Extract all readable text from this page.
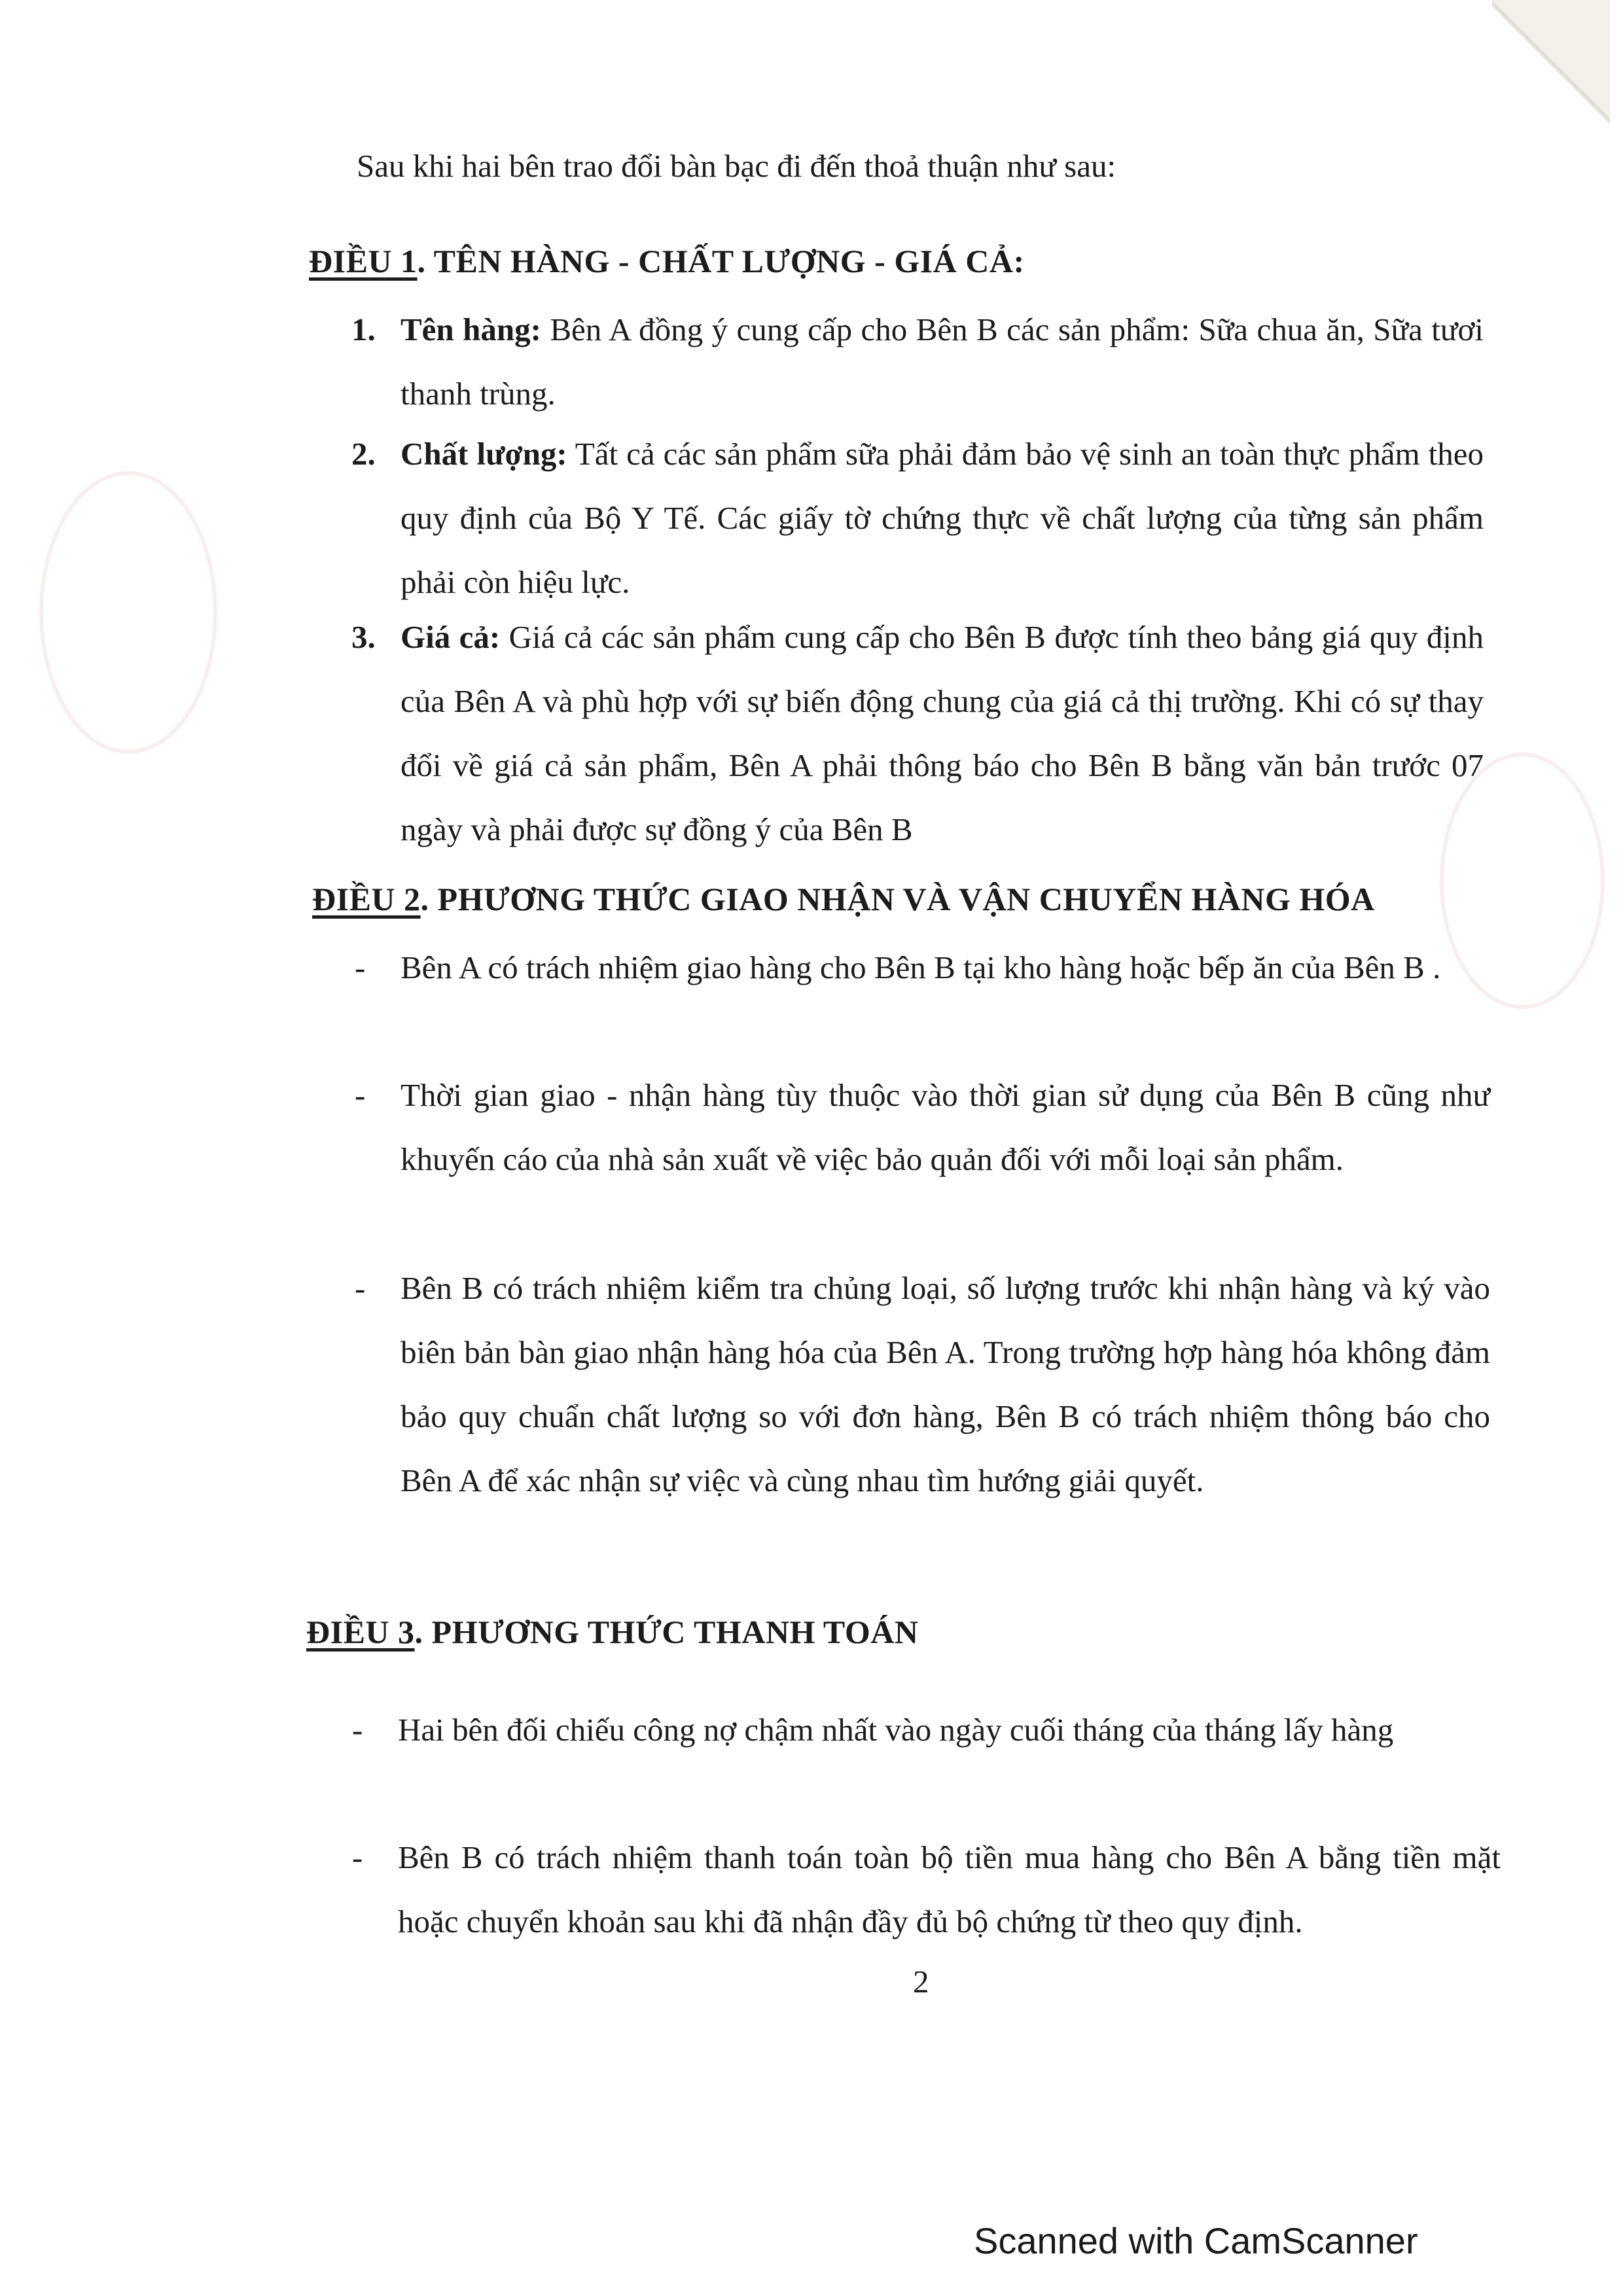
Sau khi hai bên trao đổi bàn bạc đi đến thoả thuận như sau:
ĐIỀU 1. TÊN HÀNG - CHẤT LƯỢNG - GIÁ CẢ:
1. Tên hàng: Bên A đồng ý cung cấp cho Bên B các sản phẩm: Sữa chua ăn, Sữa tươi thanh trùng.
2. Chất lượng: Tất cả các sản phẩm sữa phải đảm bảo vệ sinh an toàn thực phẩm theo quy định của Bộ Y Tế. Các giấy tờ chứng thực về chất lượng của từng sản phẩm phải còn hiệu lực.
3. Giá cả: Giá cả các sản phẩm cung cấp cho Bên B được tính theo bảng giá quy định của Bên A và phù hợp với sự biến động chung của giá cả thị trường. Khi có sự thay đổi về giá cả sản phẩm, Bên A phải thông báo cho Bên B bằng văn bản trước 07 ngày và phải được sự đồng ý của Bên B
ĐIỀU 2. PHƯƠNG THỨC GIAO NHẬN VÀ VẬN CHUYỂN HÀNG HÓA
- Bên A có trách nhiệm giao hàng cho Bên B tại kho hàng hoặc bếp ăn của Bên B .
- Thời gian giao - nhận hàng tùy thuộc vào thời gian sử dụng của Bên B cũng như khuyến cáo của nhà sản xuất về việc bảo quản đối với mỗi loại sản phẩm.
- Bên B có trách nhiệm kiểm tra chủng loại, số lượng trước khi nhận hàng và ký vào biên bản bàn giao nhận hàng hóa của Bên A. Trong trường hợp hàng hóa không đảm bảo quy chuẩn chất lượng so với đơn hàng, Bên B có trách nhiệm thông báo cho Bên A để xác nhận sự việc và cùng nhau tìm hướng giải quyết.
ĐIỀU 3. PHƯƠNG THỨC THANH TOÁN
- Hai bên đối chiếu công nợ chậm nhất vào ngày cuối tháng của tháng lấy hàng
- Bên B có trách nhiệm thanh toán toàn bộ tiền mua hàng cho Bên A bằng tiền mặt hoặc chuyển khoản sau khi đã nhận đầy đủ bộ chứng từ theo quy định.
2
Scanned with CamScanner
